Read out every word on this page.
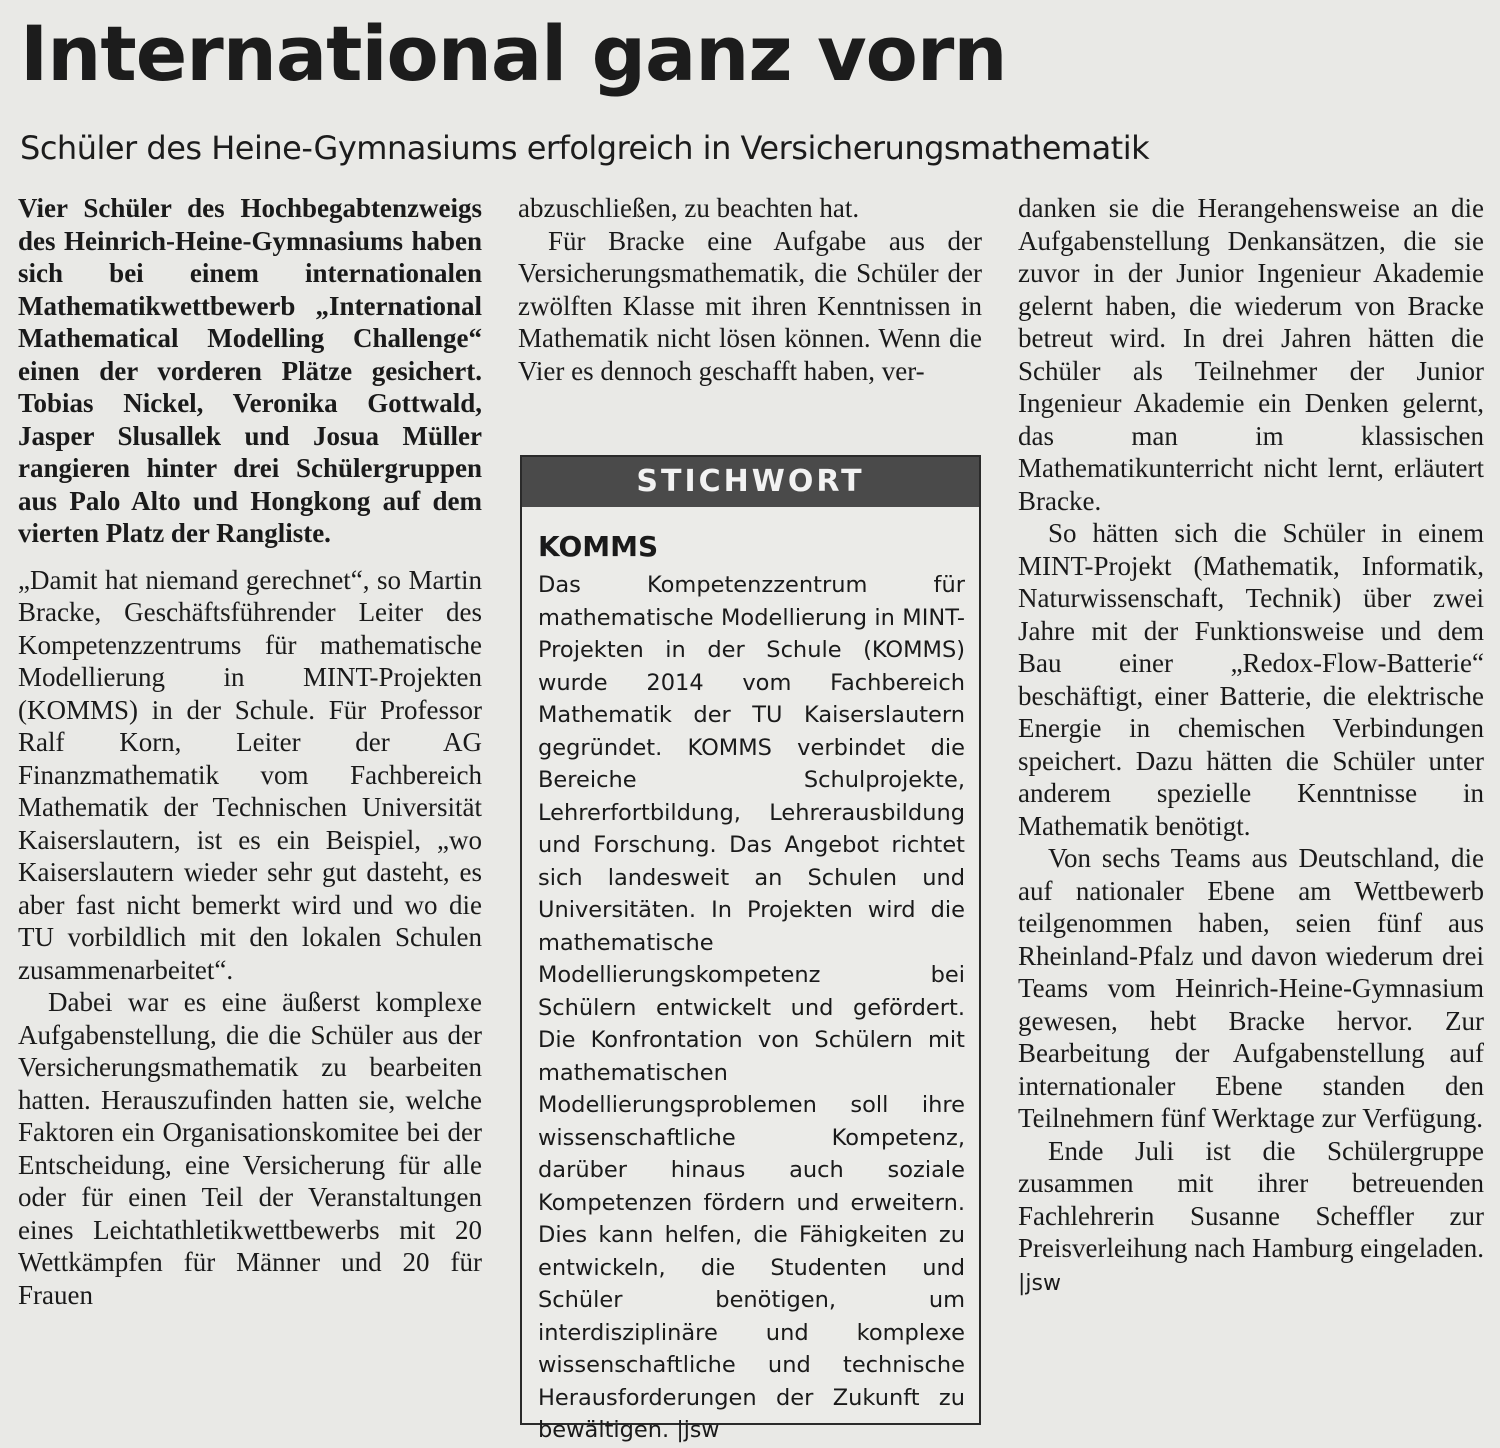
International ganz vorn
Schüler des Heine-Gymnasiums erfolgreich in Versicherungsmathematik

Vier Schüler des Hochbegabtenzweigs des Heinrich-Heine-Gymnasiums haben sich bei einem internationalen Mathematikwettbewerb „International Mathematical Modelling Challenge“ einen der vorderen Plätze gesichert. Tobias Nickel, Veronika Gottwald, Jasper Slusallek und Josua Müller rangieren hinter drei Schülergruppen aus Palo Alto und Hongkong auf dem vierten Platz der Rangliste.

„Damit hat niemand gerechnet“, so Martin Bracke, Geschäftsführender Leiter des Kompetenzzentrums für mathematische Modellierung in MINT-Projekten (KOMMS) in der Schule. Für Professor Ralf Korn, Leiter der AG Finanzmathematik vom Fachbereich Mathematik der Technischen Universität Kaiserslautern, ist es ein Beispiel, „wo Kaiserslautern wieder sehr gut dasteht, es aber fast nicht bemerkt wird und wo die TU vorbildlich mit den lokalen Schulen zusammenarbeitet“.

Dabei war es eine äußerst komplexe Aufgabenstellung, die die Schüler aus der Versicherungsmathematik zu bearbeiten hatten. Herauszufinden hatten sie, welche Faktoren ein Organisationskomitee bei der Entscheidung, eine Versicherung für alle oder für einen Teil der Veranstaltungen eines Leichtathletikwettbewerbs mit 20 Wettkämpfen für Männer und 20 für Frauen

abzuschließen, zu beachten hat.

Für Bracke eine Aufgabe aus der Versicherungsmathematik, die Schüler der zwölften Klasse mit ihren Kenntnissen in Mathematik nicht lösen können. Wenn die Vier es dennoch geschafft haben, ver-

STICHWORT
KOMMS
Das Kompetenzzentrum für mathematische Modellierung in MINT-Projekten in der Schule (KOMMS) wurde 2014 vom Fachbereich Mathematik der TU Kaiserslautern gegründet. KOMMS verbindet die Bereiche Schulprojekte, Lehrerfortbildung, Lehrerausbildung und Forschung. Das Angebot richtet sich landesweit an Schulen und Universitäten. In Projekten wird die mathematische Modellierungskompetenz bei Schülern entwickelt und gefördert. Die Konfrontation von Schülern mit mathematischen Modellierungsproblemen soll ihre wissenschaftliche Kompetenz, darüber hinaus auch soziale Kompetenzen fördern und erweitern. Dies kann helfen, die Fähigkeiten zu entwickeln, die Studenten und Schüler benötigen, um interdisziplinäre und komplexe wissenschaftliche und technische Herausforderungen der Zukunft zu bewältigen. |jsw

danken sie die Herangehensweise an die Aufgabenstellung Denkansätzen, die sie zuvor in der Junior Ingenieur Akademie gelernt haben, die wiederum von Bracke betreut wird. In drei Jahren hätten die Schüler als Teilnehmer der Junior Ingenieur Akademie ein Denken gelernt, das man im klassischen Mathematikunterricht nicht lernt, erläutert Bracke.

So hätten sich die Schüler in einem MINT-Projekt (Mathematik, Informatik, Naturwissenschaft, Technik) über zwei Jahre mit der Funktionsweise und dem Bau einer „Redox-Flow-Batterie“ beschäftigt, einer Batterie, die elektrische Energie in chemischen Verbindungen speichert. Dazu hätten die Schüler unter anderem spezielle Kenntnisse in Mathematik benötigt.

Von sechs Teams aus Deutschland, die auf nationaler Ebene am Wettbewerb teilgenommen haben, seien fünf aus Rheinland-Pfalz und davon wiederum drei Teams vom Heinrich-Heine-Gymnasium gewesen, hebt Bracke hervor. Zur Bearbeitung der Aufgabenstellung auf internationaler Ebene standen den Teilnehmern fünf Werktage zur Verfügung.

Ende Juli ist die Schülergruppe zusammen mit ihrer betreuenden Fachlehrerin Susanne Scheffler zur Preisverleihung nach Hamburg eingeladen. |jsw
